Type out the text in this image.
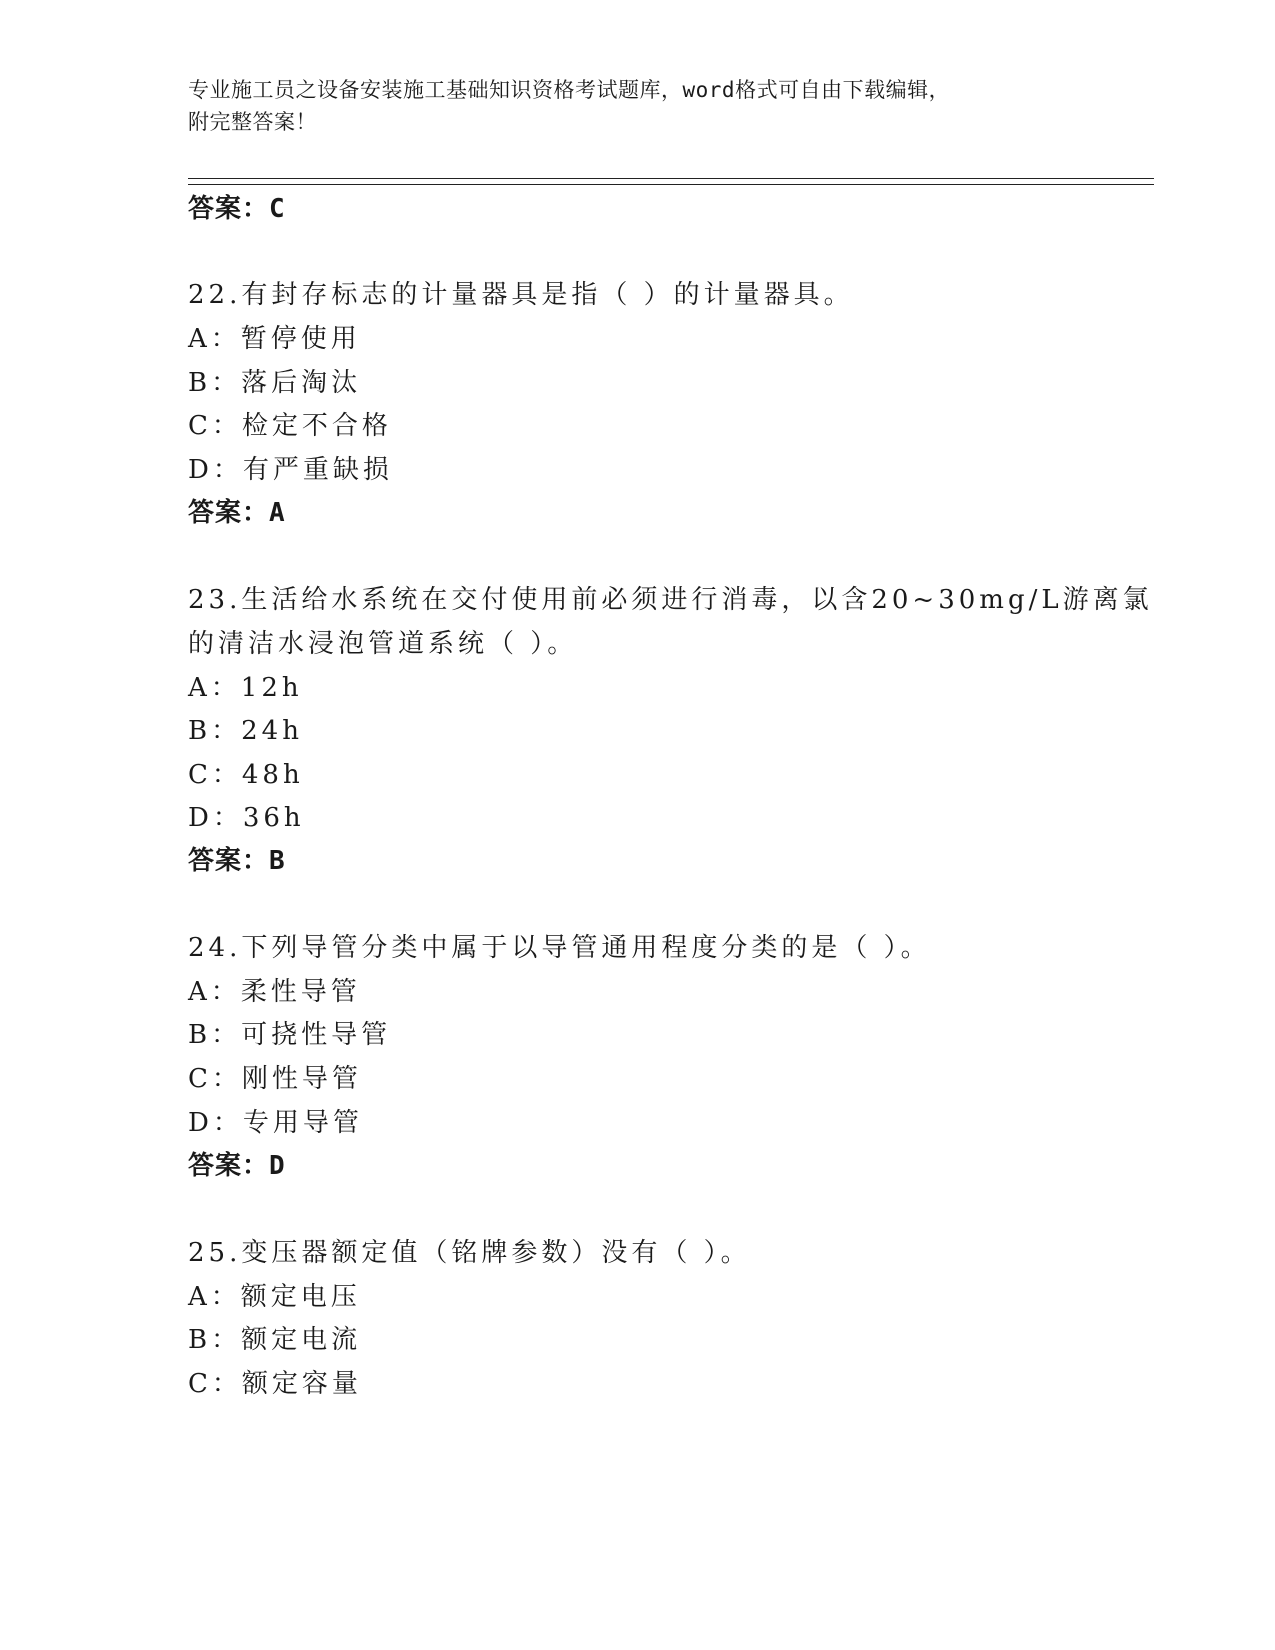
专业施工员之设备安装施工基础知识资格考试题库，word格式可自由下载编辑，
附完整答案！
答案：C
22.有封存标志的计量器具是指（ ）的计量器具。
A：暂停使用
B：落后淘汰
C：检定不合格
D：有严重缺损
答案：A
23.生活给水系统在交付使用前必须进行消毒，以含20~30mg/L游离氯
的清洁水浸泡管道系统（ ）。
A：12h
B：24h
C：48h
D：36h
答案：B
24.下列导管分类中属于以导管通用程度分类的是（ ）。
A：柔性导管
B：可挠性导管
C：刚性导管
D：专用导管
答案：D
25.变压器额定值（铭牌参数）没有（ ）。
A：额定电压
B：额定电流
C：额定容量
